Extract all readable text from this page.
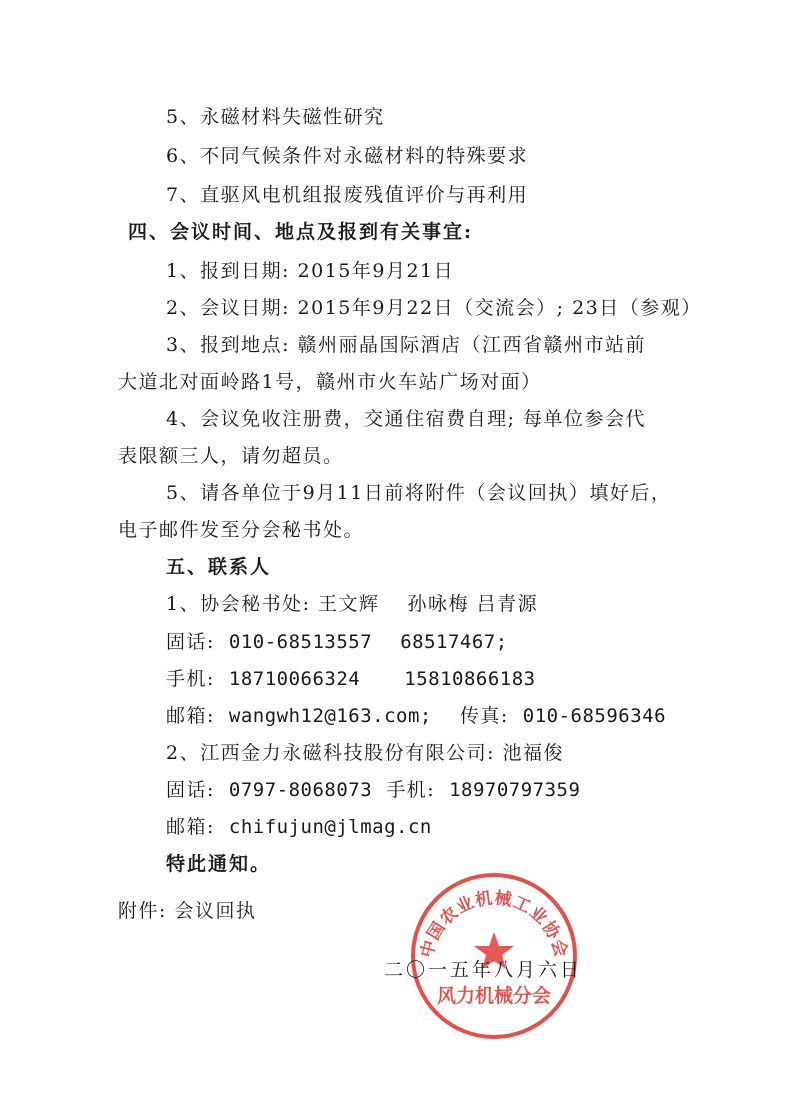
5、永磁材料失磁性研究
6、不同气候条件对永磁材料的特殊要求
7、直驱风电机组报废残值评价与再利用
四、会议时间、地点及报到有关事宜:
1、报到日期: 2015年9月21日
2、会议日期: 2015年9月22日（交流会）; 23日（参观）
3、报到地点: 赣州丽晶国际酒店（江西省赣州市站前
大道北对面岭路1号，赣州市火车站广场对面）
4、会议免收注册费，交通住宿费自理; 每单位参会代
表限额三人，请勿超员。
5、请各单位于9月11日前将附件（会议回执）填好后，
电子邮件发至分会秘书处。
五、联系人
1、协会秘书处: 王文辉 孙咏梅 吕青源
固话: 010-68513557 68517467;
手机: 18710066324 15810866183
邮箱: wangwh12@163.com; 传真: 010-68596346
2、江西金力永磁科技股份有限公司: 池福俊
固话: 0797-8068073 手机: 18970797359
邮箱: chifujun@jlmag.cn
特此通知。
附件: 会议回执
中国农业机械工业协会
风力机械分会
二〇一五年八月六日
